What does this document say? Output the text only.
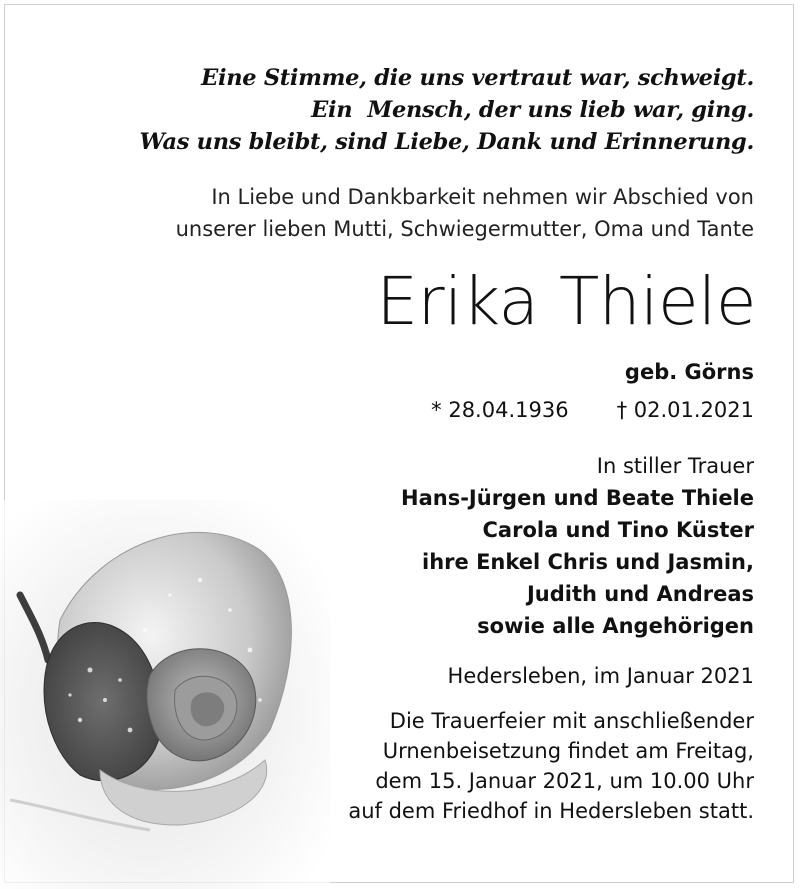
Eine Stimme, die uns vertraut war, schweigt.
Ein  Mensch, der uns lieb war, ging.
Was uns bleibt, sind Liebe, Dank und Erinnerung.
In Liebe und Dankbarkeit nehmen wir Abschied von
unserer lieben Mutti, Schwiegermutter, Oma und Tante
Erika Thiele
geb. Görns
* 28.04.1936 † 02.01.2021
In stiller Trauer
Hans-Jürgen und Beate Thiele
Carola und Tino Küster
ihre Enkel Chris und Jasmin,
Judith und Andreas
sowie alle Angehörigen
Hedersleben, im Januar 2021
Die Trauerfeier mit anschließender
Urnenbeisetzung findet am Freitag,
dem 15. Januar 2021, um 10.00 Uhr
auf dem Friedhof in Hedersleben statt.
